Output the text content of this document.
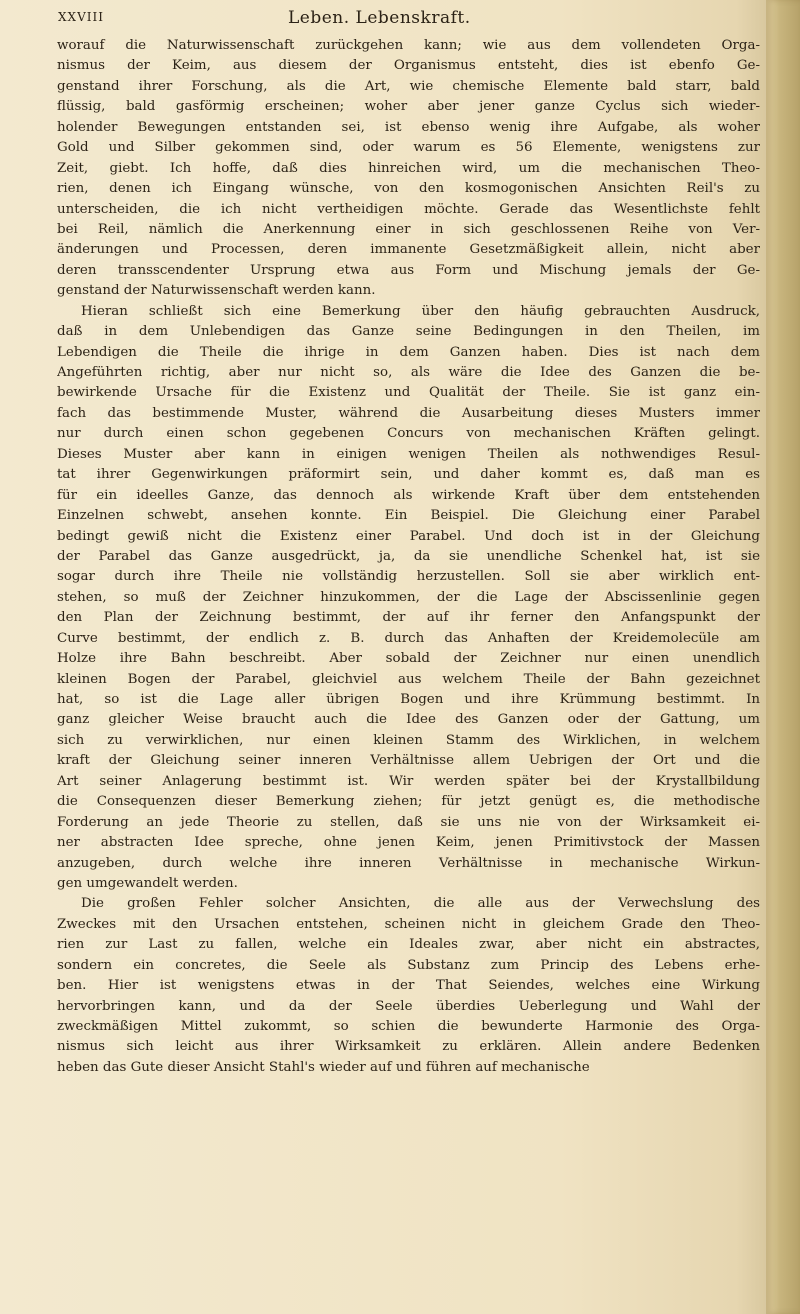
XXVIII	Leben. Lebenskraft.
worauf die Naturwissenschaft zurückgehen kann; wie aus dem vollendeten Orga-
nismus der Keim, aus diesem der Organismus entsteht, dies ist ebenfo Ge-
genstand ihrer Forschung, als die Art, wie chemische Elemente bald starr, bald
flüssig, bald gasförmig erscheinen; woher aber jener ganze Cyclus sich wieder-
holender Bewegungen entstanden sei, ist ebenso wenig ihre Aufgabe, als woher
Gold und Silber gekommen sind, oder warum es 56 Elemente, wenigstens zur
Zeit, giebt. Ich hoffe, daß dies hinreichen wird, um die mechanischen Theo-
rien, denen ich Eingang wünsche, von den kosmogonischen Ansichten Reil's zu
unterscheiden, die ich nicht vertheidigen möchte. Gerade das Wesentlichste fehlt
bei Reil, nämlich die Anerkennung einer in sich geschlossenen Reihe von Ver-
änderungen und Processen, deren immanente Gesetzmäßigkeit allein, nicht aber
deren transscendenter Ursprung etwa aus Form und Mischung jemals der Ge-
genstand der Naturwissenschaft werden kann.
Hieran schließt sich eine Bemerkung über den häufig gebrauchten Ausdruck,
daß in dem Unlebendigen das Ganze seine Bedingungen in den Theilen, im
Lebendigen die Theile die ihrige in dem Ganzen haben. Dies ist nach dem
Angeführten richtig, aber nur nicht so, als wäre die Idee des Ganzen die be-
bewirkende Ursache für die Existenz und Qualität der Theile. Sie ist ganz ein-
fach das bestimmende Muster, während die Ausarbeitung dieses Musters immer
nur durch einen schon gegebenen Concurs von mechanischen Kräften gelingt.
Dieses Muster aber kann in einigen wenigen Theilen als nothwendiges Resul-
tat ihrer Gegenwirkungen präformirt sein, und daher kommt es, daß man es
für ein ideelles Ganze, das dennoch als wirkende Kraft über dem entstehenden
Einzelnen schwebt, ansehen konnte. Ein Beispiel. Die Gleichung einer Parabel
bedingt gewiß nicht die Existenz einer Parabel. Und doch ist in der Gleichung
der Parabel das Ganze ausgedrückt, ja, da sie unendliche Schenkel hat, ist sie
sogar durch ihre Theile nie vollständig herzustellen. Soll sie aber wirklich ent-
stehen, so muß der Zeichner hinzukommen, der die Lage der Abscissenlinie gegen
den Plan der Zeichnung bestimmt, der auf ihr ferner den Anfangspunkt der
Curve bestimmt, der endlich z. B. durch das Anhaften der Kreidemolecüle am
Holze ihre Bahn beschreibt. Aber sobald der Zeichner nur einen unendlich
kleinen Bogen der Parabel, gleichviel aus welchem Theile der Bahn gezeichnet
hat, so ist die Lage aller übrigen Bogen und ihre Krümmung bestimmt. In
ganz gleicher Weise braucht auch die Idee des Ganzen oder der Gattung, um
sich zu verwirklichen, nur einen kleinen Stamm des Wirklichen, in welchem
kraft der Gleichung seiner inneren Verhältnisse allem Uebrigen der Ort und die
Art seiner Anlagerung bestimmt ist. Wir werden später bei der Krystallbildung
die Consequenzen dieser Bemerkung ziehen; für jetzt genügt es, die methodische
Forderung an jede Theorie zu stellen, daß sie uns nie von der Wirksamkeit ei-
ner abstracten Idee spreche, ohne jenen Keim, jenen Primitivstock der Massen
anzugeben, durch welche ihre inneren Verhältnisse in mechanische Wirkun-
gen umgewandelt werden.
Die großen Fehler solcher Ansichten, die alle aus der Verwechslung des
Zweckes mit den Ursachen entstehen, scheinen nicht in gleichem Grade den Theo-
rien zur Last zu fallen, welche ein Ideales zwar, aber nicht ein abstractes,
sondern ein concretes, die Seele als Substanz zum Princip des Lebens erhe-
ben. Hier ist wenigstens etwas in der That Seiendes, welches eine Wirkung
hervorbringen kann, und da der Seele überdies Ueberlegung und Wahl der
zweckmäßigen Mittel zukommt, so schien die bewunderte Harmonie des Orga-
nismus sich leicht aus ihrer Wirksamkeit zu erklären. Allein andere Bedenken
heben das Gute dieser Ansicht Stahl's wieder auf und führen auf mechanische
